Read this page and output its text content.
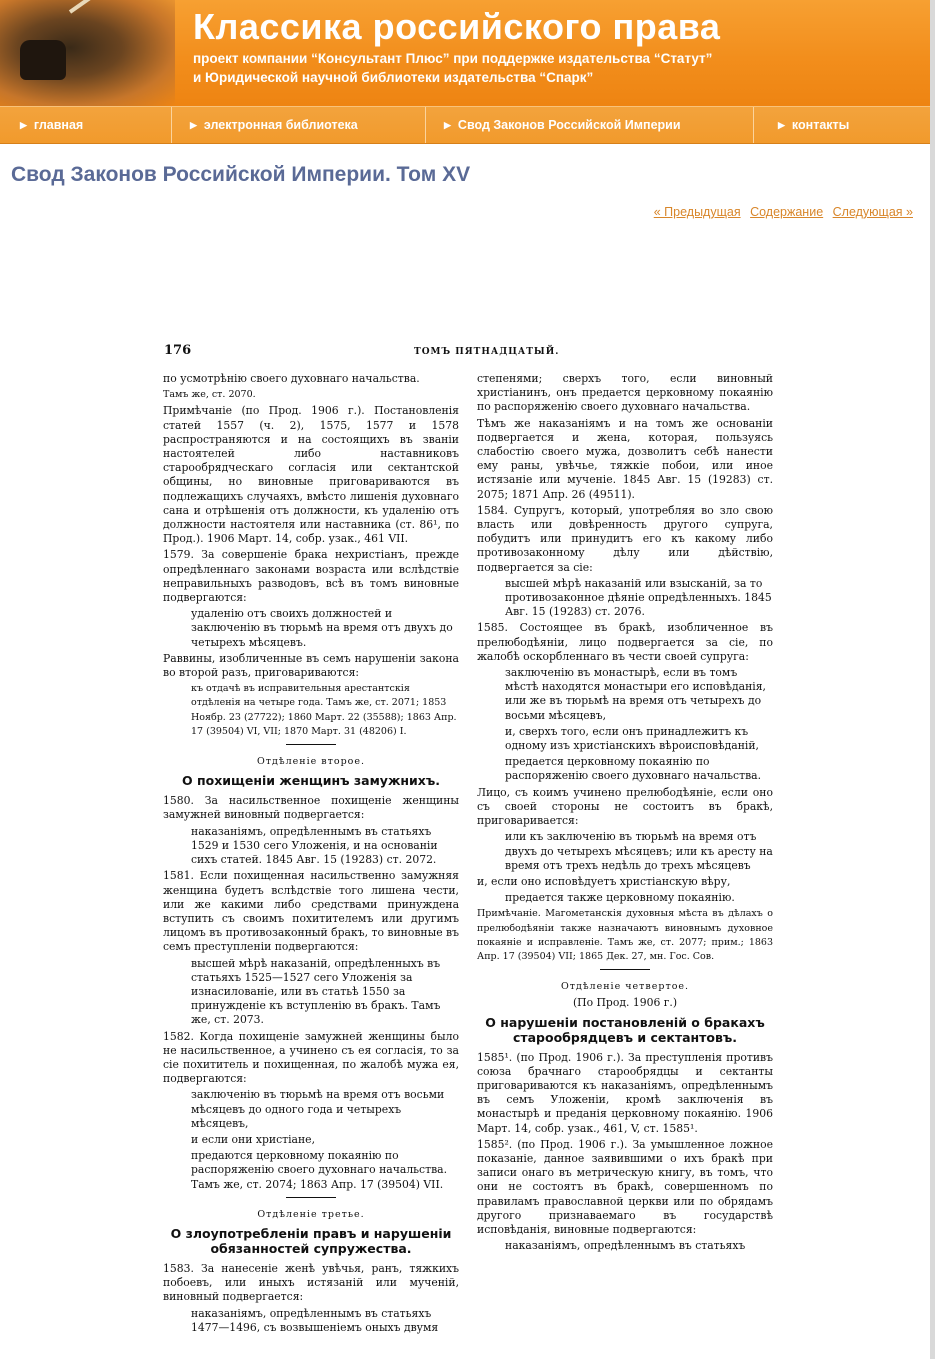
Классика российского права
проект компании “Консультант Плюс” при поддержке издательства “Статут”
и Юридической научной библиотеки издательства “Спарк”
▶ главная	▶ электронная библиотека	▶ Свод Законов Российской Империи	▶ контакты
Свод Законов Российской Империи. Том XV
« Предыдущая Содержание Следующая »
176	ТОМЪ ПЯТНАДЦАТЫЙ.

по усмотрѣнію своего духовнаго начальства.

Тамъ же, ст. 2070.

Примѣчаніе (по Прод. 1906 г.). Постановленія статей 1557 (ч. 2), 1575, 1577 и 1578 распространяются и на состоящихъ въ званіи настоятелей либо наставниковъ старообрядческаго согласія или сектантской общины, но виновные приговариваются въ подлежащихъ случаяхъ, вмѣсто лишенія духовнаго сана и отрѣшенія отъ должности, къ удаленію отъ должности настоятеля или наставника (ст. 86¹, по Прод.). 1906 Март. 14, собр. узак., 461 VII.

1579. За совершеніе брака нехристіанъ, прежде опредѣленнаго законами возраста или вслѣдствіе неправильныхъ разводовъ, всѣ въ томъ виновные подвергаются:

удаленію отъ своихъ должностей и заключенію въ тюрьмѣ на время отъ двухъ до четырехъ мѣсяцевъ.

Раввины, изобличенные въ семъ нарушеніи закона во второй разъ, приговариваются:

къ отдачѣ въ исправительныя арестантскія отдѣленія на четыре года. Тамъ же, ст. 2071; 1853 Ноябр. 23 (27722); 1860 Март. 22 (35588); 1863 Апр. 17 (39504) VI, VII; 1870 Март. 31 (48206) I.

Отдѣленіе второе.

О похищеніи женщинъ замужнихъ.

1580. За насильственное похищеніе женщины замужней виновный подвергается:

наказаніямъ, опредѣленнымъ въ статьяхъ 1529 и 1530 сего Уложенія, и на основаніи сихъ статей. 1845 Авг. 15 (19283) ст. 2072.

1581. Если похищенная насильственно замужняя женщина будетъ вслѣдствіе того лишена чести, или же какими либо средствами принуждена вступить съ своимъ похитителемъ или другимъ лицомъ въ противозаконный бракъ, то виновные въ семъ преступленіи подвергаются:

высшей мѣрѣ наказаній, опредѣленныхъ въ статьяхъ 1525—1527 сего Уложенія за изнасилованіе, или въ статьѣ 1550 за принужденіе къ вступленію въ бракъ. Тамъ же, ст. 2073.

1582. Когда похищеніе замужней женщины было не насильственное, а учинено съ ея согласія, то за сіе похититель и похищенная, по жалобѣ мужа ея, подвергаются:

заключенію въ тюрьмѣ на время отъ восьми мѣсяцевъ до одного года и четырехъ мѣсяцевъ,

и если они христіане,

предаются церковному покаянію по распоряженію своего духовнаго начальства. Тамъ же, ст. 2074; 1863 Апр. 17 (39504) VII.

Отдѣленіе третье.

О злоупотребленіи правъ и нарушеніи обязанностей супружества.

1583. За нанесеніе женѣ увѣчья, ранъ, тяжкихъ побоевъ, или иныхъ истязаній или мученій, виновный подвергается:

наказаніямъ, опредѣленнымъ въ статьяхъ 1477—1496, съ возвышеніемъ оныхъ двумя

степенями; сверхъ того, если виновный христіанинъ, онъ предается церковному покаянію по распоряженію своего духовнаго начальства.

Тѣмъ же наказаніямъ и на томъ же основаніи подвергается и жена, которая, пользуясь слабостію своего мужа, дозволитъ себѣ нанести ему раны, увѣчье, тяжкіе побои, или иное истязаніе или мученіе. 1845 Авг. 15 (19283) ст. 2075; 1871 Апр. 26 (49511).

1584. Супругъ, который, употребляя во зло свою власть или довѣренность другого супруга, побудитъ или принудитъ его къ какому либо противозаконному дѣлу или дѣйствію, подвергается за сіе:

высшей мѣрѣ наказаній или взысканій, за то противозаконное дѣяніе опредѣленныхъ. 1845 Авг. 15 (19283) ст. 2076.

1585. Состоящее въ бракѣ, изобличенное въ прелюбодѣяніи, лицо подвергается за сіе, по жалобѣ оскорбленнаго въ чести своей супруга:

заключенію въ монастырѣ, если въ томъ мѣстѣ находятся монастыри его исповѣданія, или же въ тюрьмѣ на время отъ четырехъ до восьми мѣсяцевъ,

и, сверхъ того, если онъ принадлежитъ къ одному изъ христіанскихъ вѣроисповѣданій,

предается церковному покаянію по распоряженію своего духовнаго начальства.

Лицо, съ коимъ учинено прелюбодѣяніе, если оно съ своей стороны не состоитъ въ бракѣ, приговаривается:

или къ заключенію въ тюрьмѣ на время отъ двухъ до четырехъ мѣсяцевъ; или къ аресту на время отъ трехъ недѣль до трехъ мѣсяцевъ

и, если оно исповѣдуетъ христіанскую вѣру,

предается также церковному покаянію.

Примѣчаніе. Магометанскія духовныя мѣста въ дѣлахъ о прелюбодѣяніи также назначаютъ виновнымъ духовное покаяніе и исправленіе. Тамъ же, ст. 2077; прим.; 1863 Апр. 17 (39504) VII; 1865 Дек. 27, мн. Гос. Сов.

Отдѣленіе четвертое.

(По Прод. 1906 г.)

О нарушеніи постановленій о бракахъ старообрядцевъ и сектантовъ.

1585¹. (по Прод. 1906 г.). За преступленія противъ союза брачнаго старообрядцы и сектанты приговариваются къ наказаніямъ, опредѣленнымъ въ семъ Уложеніи, кромѣ заключенія въ монастырѣ и преданія церковному покаянію. 1906 Март. 14, собр. узак., 461, V, ст. 1585¹.

1585². (по Прод. 1906 г.). За умышленное ложное показаніе, данное заявившими о ихъ бракѣ при записи онаго въ метрическую книгу, въ томъ, что они не состоятъ въ бракѣ, совершенномъ по правиламъ православной церкви или по обрядамъ другого признаваемаго въ государствѣ исповѣданія, виновные подвергаются:

наказаніямъ, опредѣленнымъ въ статьяхъ
